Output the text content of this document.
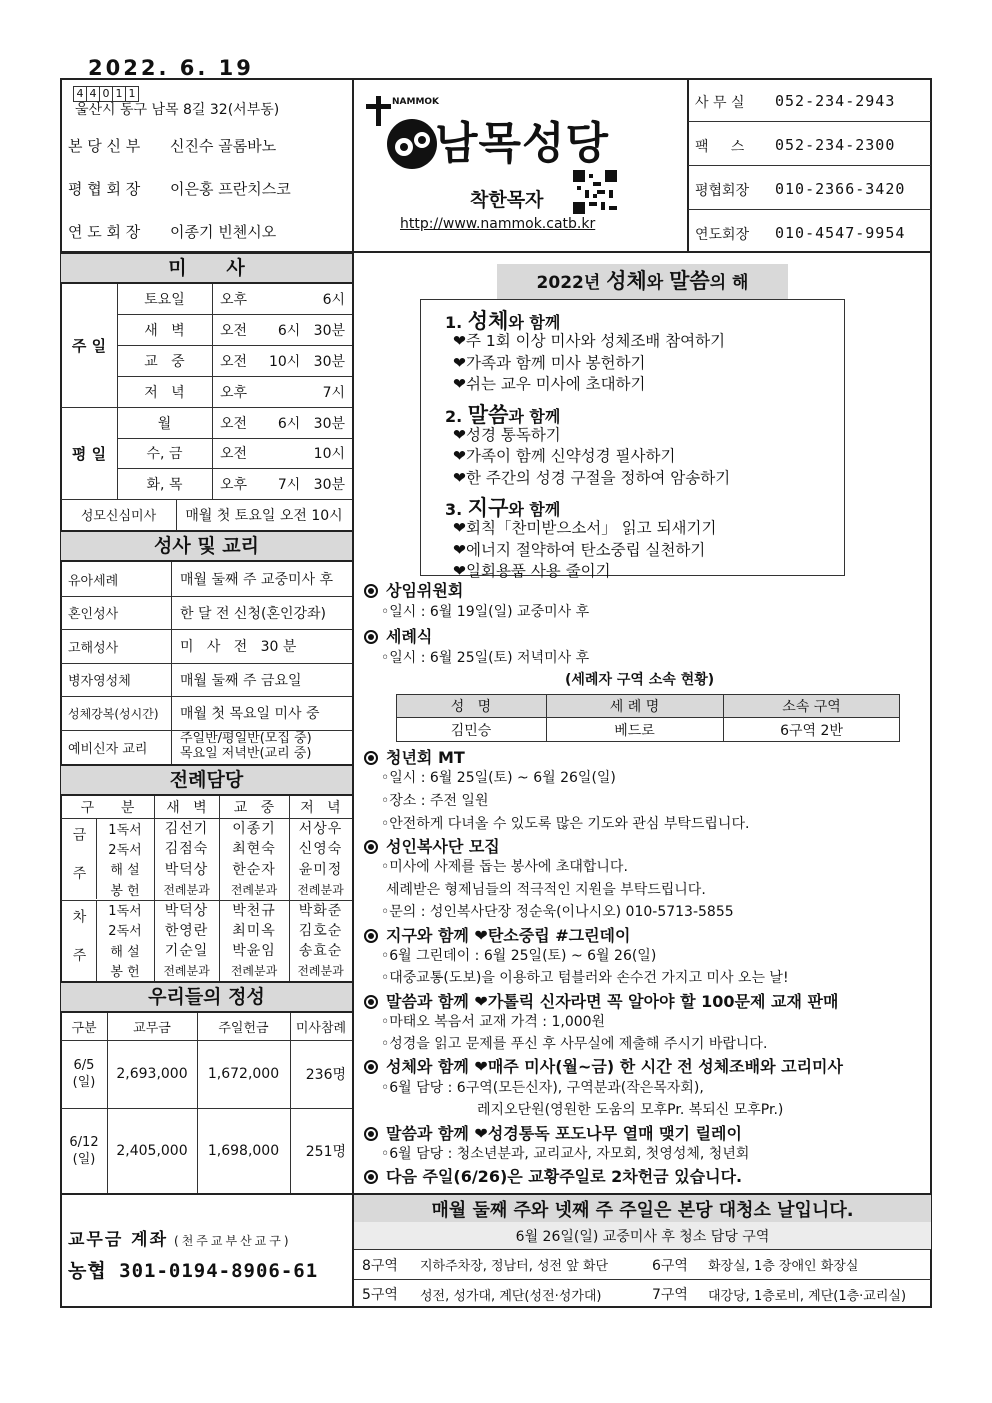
2022. 6. 19
4 4 0 1 1
울산시 동구 남목 8길 32(서부동)
본 당 신 부	신진수 골롬바노
평 협 회 장 이은홍 프란치스코
연 도 회 장 이종기 빈첸시오
NAMMOK
남목성당
착한목자
http://www.nammok.catb.kr
사 무 실 052-234-2943
팩     스 052-234-2300
평협회장 010-2366-3420
연도회장 010-4547-9954
미      사
주 일
평 일
토요일	오후	6시
새   벽	오전	6시   30분
교   중	오전	10시   30분
저   녁	오후	7시
월	오전	6시   30분
수, 금	오전	10시
화, 목	오후	7시   30분
성모신심미사	매월 첫 토요일 오전 10시
성사 및 교리
유아세례	매월 둘째 주 교중미사 후
혼인성사	한 달 전 신청(혼인강좌)
고해성사	미   사   전   30 분
병자영성체	매월 둘째 주 금요일
성체강복(성시간) 매월 첫 목요일 미사 중
예비신자 교리
주일반/평일반(모집 중)
목요일 저녁반(교리 중)
전례담당
구      분	새   벽	교   중	저   녁
금 주	1독서	김선기	이종기	서상우
2독서	김점숙	최현숙	신영숙
해 설	박덕상	한순자	윤미정
봉 헌	전례분과	전례분과	전례분과
차 주	1독서	박덕상	박천규	박화준
2독서	한영란	최미옥	김호순
해 설	기순일	박윤임	송효순
봉 헌	전례분과	전례분과	전례분과
우리들의 정성
구분	교무금	주일헌금	미사참례
6/5
(일)
2,693,000	1,672,000	236명
6/12
(일)
2,405,000	1,698,000	251명
교무금 계좌 (천주교부산교구)
농협 301-0194-8906-61
2022년 성체와 말씀의 해
1. 성체와 함께
❤주 1회 이상 미사와 성체조배 참여하기
❤가족과 함께 미사 봉헌하기
❤쉬는 교우 미사에 초대하기
2. 말씀과 함께
❤성경 통독하기
❤가족이 함께 신약성경 필사하기
❤한 주간의 성경 구절을 정하여 암송하기
3. 지구와 함께
❤회칙「찬미받으소서」 읽고 되새기기
❤에너지 절약하여 탄소중립 실천하기
❤일회용품 사용 줄이기
상임위원회
◦일시 : 6월 19일(일) 교중미사 후
세례식
◦일시 : 6월 25일(토) 저녁미사 후
(세례자 구역 소속 현황)
청년회 MT
◦일시 : 6월 25일(토) ~ 6월 26일(일)
◦장소 : 주전 일원
◦안전하게 다녀올 수 있도록 많은 기도와 관심 부탁드립니다.
성인복사단 모집
◦미사에 사제를 돕는 봉사에 초대합니다.
세례받은 형제님들의 적극적인 지원을 부탁드립니다.
◦문의 : 성인복사단장 정순욱(이나시오) 010-5713-5855
지구와 함께 ❤탄소중립 #그린데이
◦6월 그린데이 : 6월 25일(토) ~ 6월 26(일)
◦대중교통(도보)을 이용하고 텀블러와 손수건 가지고 미사 오는 날!
말씀과 함께 ❤가톨릭 신자라면 꼭 알아야 할 100문제 교재 판매
◦마태오 복음서 교재 가격 : 1,000원
◦성경을 읽고 문제를 푸신 후 사무실에 제출해 주시기 바랍니다.
성체와 함께 ❤매주 미사(월~금) 한 시간 전 성체조배와 고리미사
◦6월 담당 : 6구역(모든신자), 구역분과(작은목자회),
레지오단원(영원한 도움의 모후Pr. 복되신 모후Pr.)
말씀과 함께 ❤성경통독 포도나무 열매 맺기 릴레이
◦6월 담당 : 청소년분과, 교리교사, 자모회, 첫영성체, 청년회
다음 주일(6/26)은 교황주일로 2차헌금 있습니다.
성   명	세 례 명	소속 구역
김민승	베드로	6구역 2반
매월 둘째 주와 넷째 주 주일은 본당 대청소 날입니다.
6월 26일(일) 교중미사 후 청소 담당 구역
8구역 지하주차장, 정남터, 성전 앞 화단	6구역 화장실, 1층 장애인 화장실
5구역 성전, 성가대, 계단(성전·성가대)	7구역 대강당, 1층로비, 계단(1층·교리실)
